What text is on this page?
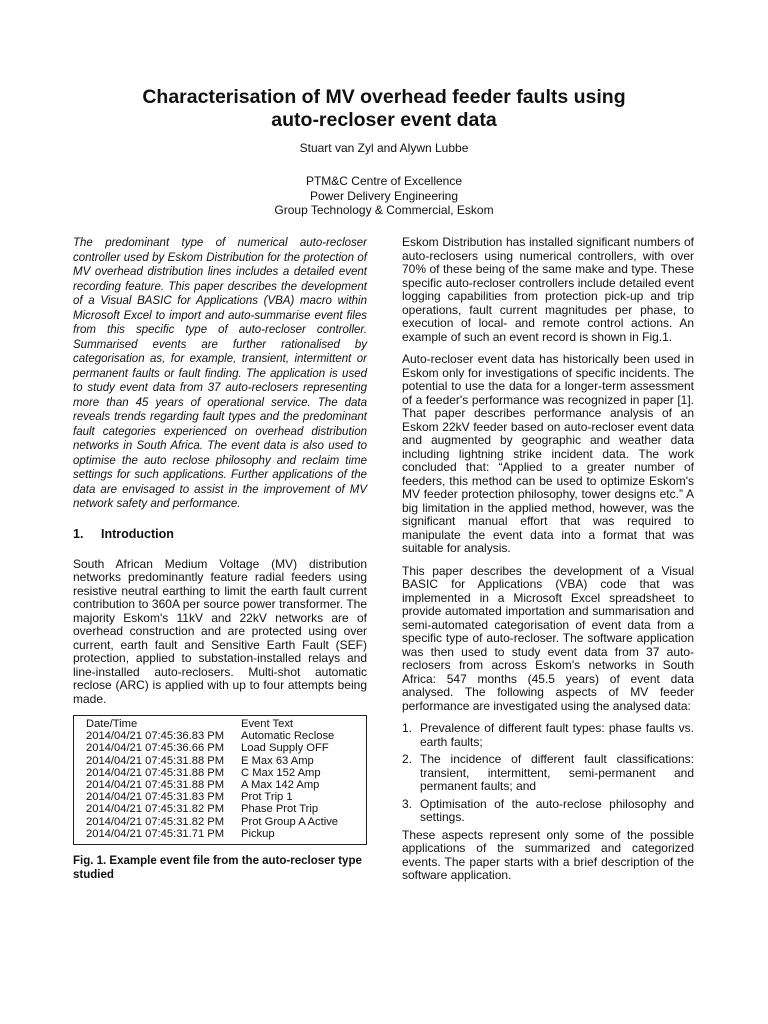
Characterisation of MV overhead feeder faults using
auto-recloser event data
Stuart van Zyl and Alywn Lubbe
PTM&C Centre of Excellence
Power Delivery Engineering
Group Technology & Commercial, Eskom

The predominant type of numerical auto-recloser controller used by Eskom Distribution for the protection of MV overhead distribution lines includes a detailed event recording feature. This paper describes the development of a Visual BASIC for Applications (VBA) macro within Microsoft Excel to import and auto-summarise event files from this specific type of auto-recloser controller. Summarised events are further rationalised by categorisation as, for example, transient, intermittent or permanent faults or fault finding. The application is used to study event data from 37 auto-reclosers representing more than 45 years of operational service. The data reveals trends regarding fault types and the predominant fault categories experienced on overhead distribution networks in South Africa. The event data is also used to optimise the auto reclose philosophy and reclaim time settings for such applications. Further applications of the data are envisaged to assist in the improvement of MV network safety and performance.

1. Introduction

South African Medium Voltage (MV) distribution networks predominantly feature radial feeders using resistive neutral earthing to limit the earth fault current contribution to 360A per source power transformer. The majority Eskom's 11kV and 22kV networks are of overhead construction and are protected using over current, earth fault and Sensitive Earth Fault (SEF) protection, applied to substation-installed relays and line-installed auto-reclosers. Multi-shot automatic reclose (ARC) is applied with up to four attempts being made.

Date/Time	Event Text
2014/04/21 07:45:36.83 PM	Automatic Reclose
2014/04/21 07:45:36.66 PM	Load Supply OFF
2014/04/21 07:45:31.88 PM	E Max 63 Amp
2014/04/21 07:45:31.88 PM	C Max 152 Amp
2014/04/21 07:45:31.88 PM	A Max 142 Amp
2014/04/21 07:45:31.83 PM	Prot Trip 1
2014/04/21 07:45:31.82 PM	Phase Prot Trip
2014/04/21 07:45:31.82 PM	Prot Group A Active
2014/04/21 07:45:31.71 PM	Pickup
Fig. 1. Example event file from the auto-recloser type studied

Eskom Distribution has installed significant numbers of auto-reclosers using numerical controllers, with over 70% of these being of the same make and type. These specific auto-recloser controllers include detailed event logging capabilities from protection pick-up and trip operations, fault current magnitudes per phase, to execution of local- and remote control actions. An example of such an event record is shown in Fig.1.

Auto-recloser event data has historically been used in Eskom only for investigations of specific incidents. The potential to use the data for a longer-term assessment of a feeder's performance was recognized in paper [1]. That paper describes performance analysis of an Eskom 22kV feeder based on auto-recloser event data and augmented by geographic and weather data including lightning strike incident data. The work concluded that: “Applied to a greater number of feeders, this method can be used to optimize Eskom's MV feeder protection philosophy, tower designs etc.” A big limitation in the applied method, however, was the significant manual effort that was required to manipulate the event data into a format that was suitable for analysis.

This paper describes the development of a Visual BASIC for Applications (VBA) code that was implemented in a Microsoft Excel spreadsheet to provide automated importation and summarisation and semi-automated categorisation of event data from a specific type of auto-recloser. The software application was then used to study event data from 37 auto-reclosers from across Eskom's networks in South Africa: 547 months (45.5 years) of event data analysed. The following aspects of MV feeder performance are investigated using the analysed data:

1. Prevalence of different fault types: phase faults vs. earth faults;
2. The incidence of different fault classifications: transient, intermittent, semi-permanent and permanent faults; and
3. Optimisation of the auto-reclose philosophy and settings.

These aspects represent only some of the possible applications of the summarized and categorized events. The paper starts with a brief description of the software application.
